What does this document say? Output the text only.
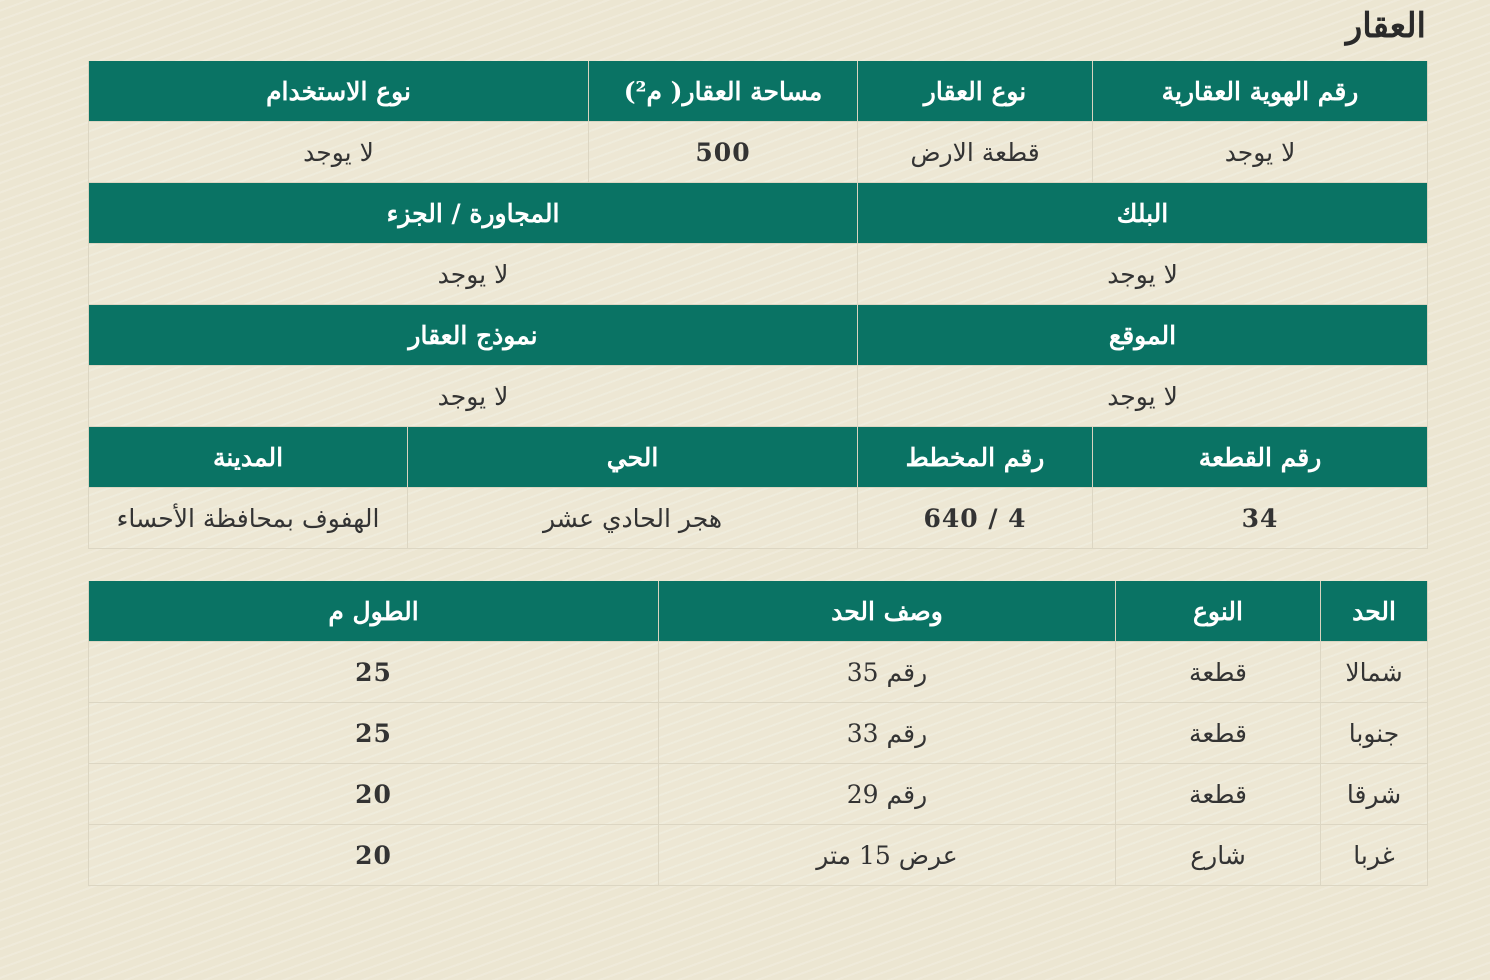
العقار
رقم الهوية العقارية	نوع العقار	مساحة العقار( م²)	نوع الاستخدام	
لا يوجد	قطعة الارض	500	لا يوجد	
البلك		المجاورة / الجزء		
لا يوجد		لا يوجد		
الموقع		نموذج العقار		
لا يوجد		لا يوجد		
رقم القطعة	رقم المخطط	الحي		المدينة
34	640 / 4	هجر الحادي عشر		الهفوف بمحافظة الأحساء
الحد	النوع	وصف الحد	الطول م
شمالا	قطعة	رقم 35	25
جنوبا	قطعة	رقم 33	25
شرقا	قطعة	رقم 29	20
غربا	شارع	عرض 15 متر	20
